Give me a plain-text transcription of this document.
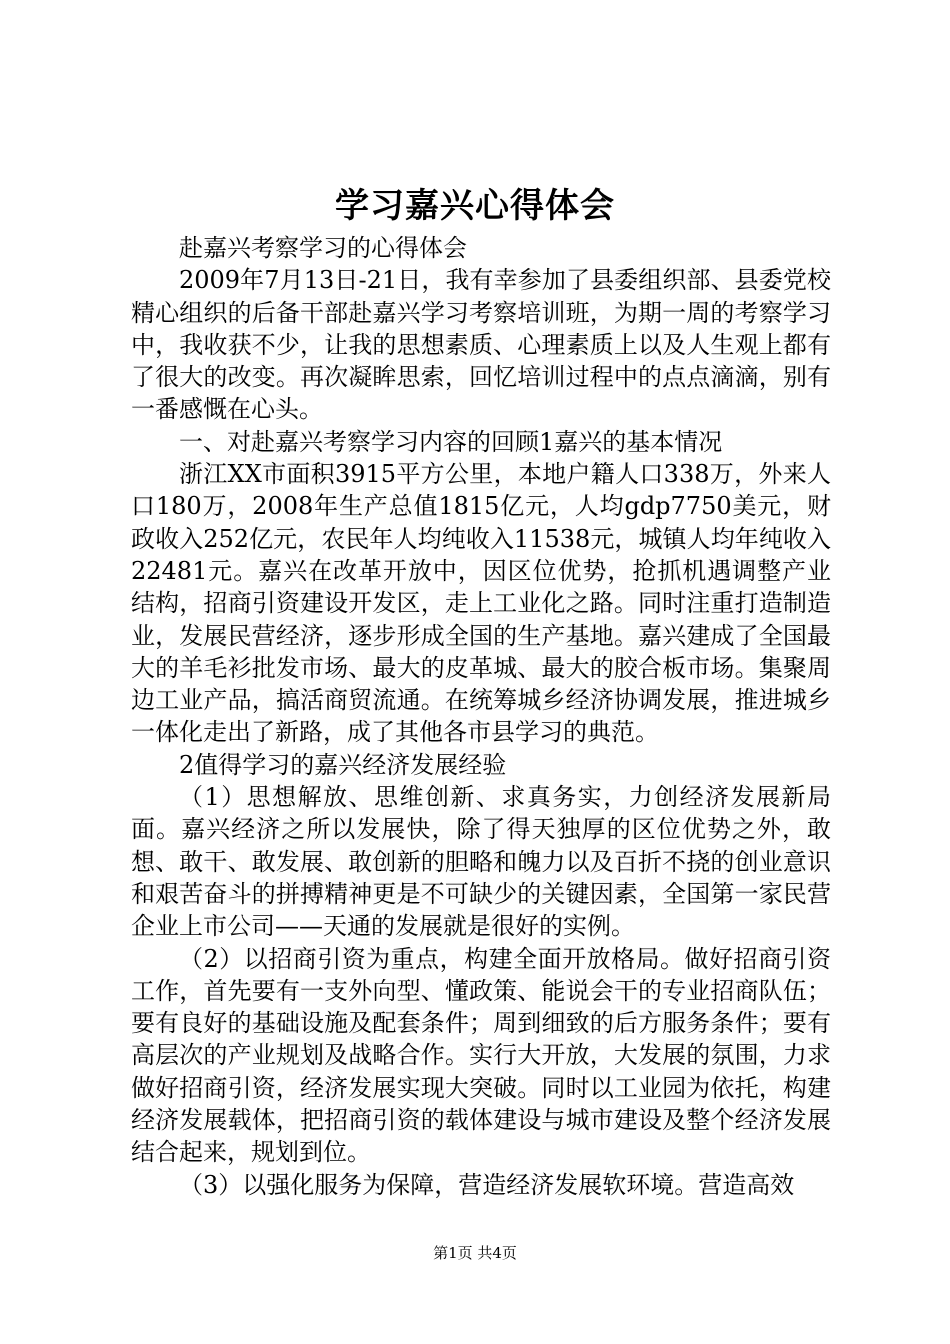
学习嘉兴心得体会

赴嘉兴考察学习的心得体会

2009年7月13日-21日，我有幸参加了县委组织部、县委党校精心组织的后备干部赴嘉兴学习考察培训班，为期一周的考察学习中，我收获不少，让我的思想素质、心理素质上以及人生观上都有了很大的改变。再次凝眸思索，回忆培训过程中的点点滴滴，别有一番感慨在心头。

一、对赴嘉兴考察学习内容的回顾1嘉兴的基本情况

浙江XX市面积3915平方公里，本地户籍人口338万，外来人口180万，2008年生产总值1815亿元，人均gdp7750美元，财政收入252亿元，农民年人均纯收入11538元，城镇人均年纯收入22481元。嘉兴在改革开放中，因区位优势，抢抓机遇调整产业结构，招商引资建设开发区，走上工业化之路。同时注重打造制造业，发展民营经济，逐步形成全国的生产基地。嘉兴建成了全国最大的羊毛衫批发市场、最大的皮革城、最大的胶合板市场。集聚周边工业产品，搞活商贸流通。在统筹城乡经济协调发展，推进城乡一体化走出了新路，成了其他各市县学习的典范。

2值得学习的嘉兴经济发展经验

（1）思想解放、思维创新、求真务实，力创经济发展新局面。嘉兴经济之所以发展快，除了得天独厚的区位优势之外，敢想、敢干、敢发展、敢创新的胆略和魄力以及百折不挠的创业意识和艰苦奋斗的拼搏精神更是不可缺少的关键因素，全国第一家民营企业上市公司——天通的发展就是很好的实例。

（2）以招商引资为重点，构建全面开放格局。做好招商引资工作，首先要有一支外向型、懂政策、能说会干的专业招商队伍；要有良好的基础设施及配套条件；周到细致的后方服务条件；要有高层次的产业规划及战略合作。实行大开放，大发展的氛围，力求做好招商引资，经济发展实现大突破。同时以工业园为依托，构建经济发展载体，把招商引资的载体建设与城市建设及整个经济发展结合起来，规划到位。

（3）以强化服务为保障，营造经济发展软环境。营造高效

第1页 共4页
